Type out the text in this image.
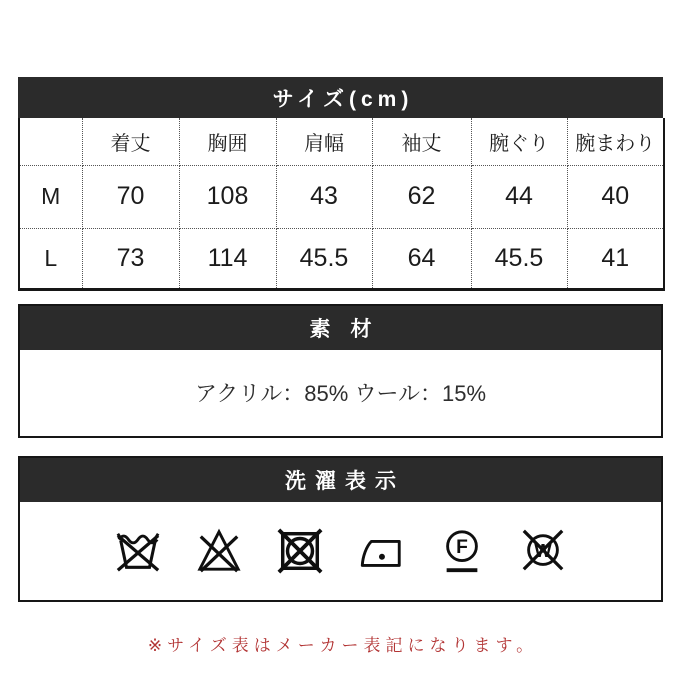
サイズ(cm)
	着丈	胸囲	肩幅	袖丈	腕ぐり	腕まわり
M	70	108	43	62	44	40
L	73	114	45.5	64	45.5	41
素材
アクリル：85% ウール：15%
洗濯表示
F	W
※サイズ表はメーカー表記になります。
